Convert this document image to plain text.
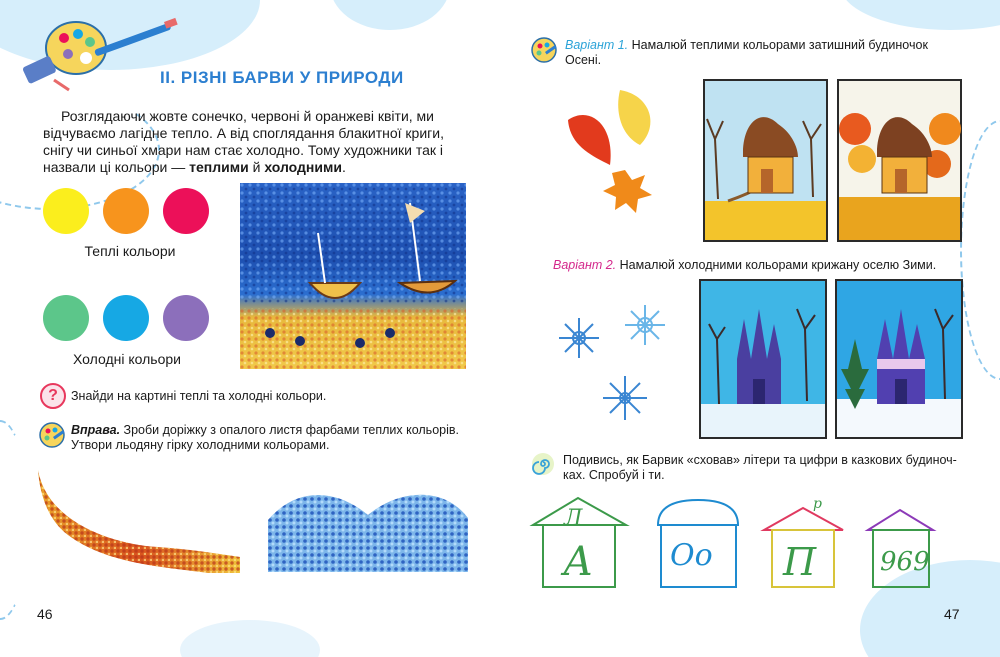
II. РІЗНІ БАРВИ У ПРИРОДИ
Розглядаючи жовте сонечко, червоні й оранжеві квіти, ми
відчуваємо лагідне тепло. А від споглядання блакитної криги,
снігу чи синьої хмари нам стає холодно. Тому художники так і
назвали ці кольори — теплими й холодними.
Теплі кольори
Холодні кольори
?	Знайди на картині теплі та холодні кольори.
Вправа. Зроби доріжку з опалого листя фарбами теплих кольорів.
Утвори льодяну гірку холодними кольорами.
46
Варіант 1. Намалюй теплими кольорами затишний будиночок
Осені.
Варіант 2. Намалюй холодними кольорами крижану оселю Зими.
Подивись, як Барвик «сховав» літери та цифри в казкових будиноч-
ках. Спробуй і ти.
Л
А	Оо
р
П 969
47
